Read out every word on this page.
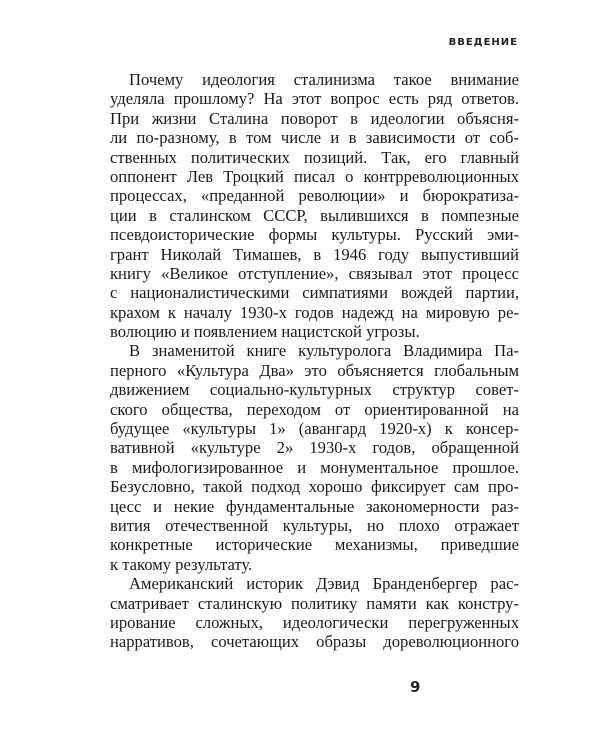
ВВЕДЕНИЕ
Почему идеология сталинизма такое внимание
уделяла прошлому? На этот вопрос есть ряд ответов.
При жизни Сталина поворот в идеологии объясня-
ли по-разному, в том числе и в зависимости от соб-
ственных политических позиций. Так, его главный
оппонент Лев Троцкий писал о контрреволюционных
процессах, «преданной революции» и бюрократиза-
ции в сталинском СССР, вылившихся в помпезные
псевдоисторические формы культуры. Русский эми-
грант Николай Тимашев, в 1946 году выпустивший
книгу «Великое отступление», связывал этот процесс
с националистическими симпатиями вождей партии,
крахом к началу 1930-х годов надежд на мировую ре-
волюцию и появлением нацистской угрозы.
В знаменитой книге культуролога Владимира Па-
перного «Культура Два» это объясняется глобальным
движением социально-культурных структур совет-
ского общества, переходом от ориентированной на
будущее «культуры 1» (авангард 1920-х) к консер-
вативной «культуре 2» 1930-х годов, обращенной
в мифологизированное и монументальное прошлое.
Безусловно, такой подход хорошо фиксирует сам про-
цесс и некие фундаментальные закономерности раз-
вития отечественной культуры, но плохо отражает
конкретные исторические механизмы, приведшие
к такому результату.
Американский историк Дэвид Бранденбергер рас-
сматривает сталинскую политику памяти как констру-
ирование сложных, идеологически перегруженных
нарративов, сочетающих образы дореволюционного
9
